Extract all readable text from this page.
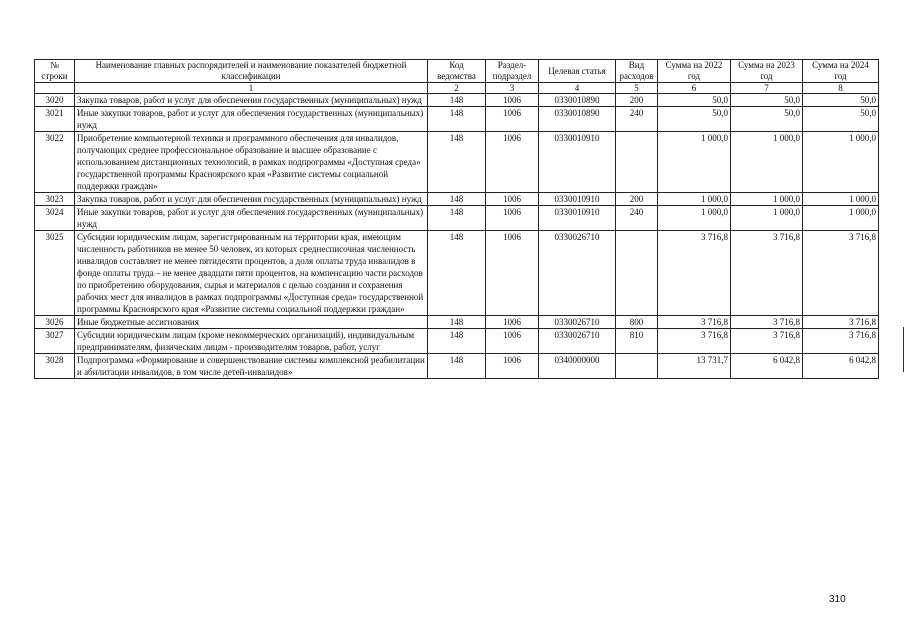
№ строки	Наименование главных распорядителей и наименование показателей бюджетной классификации	Код ведомства	Раздел-подраздел	Целевая статья	Вид расходов	Сумма на 2022 год	Сумма на 2023 год	Сумма на 2024 год
	1	2	3	4	5	6	7	8
3020	Закупка товаров, работ и услуг для обеспечения государственных (муниципальных) нужд	148	1006	0330010890	200	50,0	50,0	50,0
3021	Иные закупки товаров, работ и услуг для обеспечения государственных (муниципальных) нужд	148	1006	0330010890	240	50,0	50,0	50,0
3022	Приобретение компьютерной техники и программного обеспечения для инвалидов, получающих среднее профессиональное образование и высшее образование с использованием дистанционных технологий, в рамках подпрограммы «Доступная среда» государственной программы Красноярского края «Развитие системы социальной поддержки граждан»	148	1006	0330010910		1 000,0	1 000,0	1 000,0
3023	Закупка товаров, работ и услуг для обеспечения государственных (муниципальных) нужд	148	1006	0330010910	200	1 000,0	1 000,0	1 000,0
3024	Иные закупки товаров, работ и услуг для обеспечения государственных (муниципальных) нужд	148	1006	0330010910	240	1 000,0	1 000,0	1 000,0
3025	Субсидии юридическим лицам, зарегистрированным на территории края, имеющим численность работников не менее 50 человек, из которых среднесписочная численность инвалидов составляет не менее пятидесяти процентов, а доля оплаты труда инвалидов в фонде оплаты труда – не менее двадцати пяти процентов, на компенсацию части расходов по приобретению оборудования, сырья и материалов с целью создания и сохранения рабочих мест для инвалидов в рамках подпрограммы «Доступная среда» государственной программы Красноярского края «Развитие системы социальной поддержки граждан»	148	1006	0330026710		3 716,8	3 716,8	3 716,8
3026	Иные бюджетные ассигнования	148	1006	0330026710	800	3 716,8	3 716,8	3 716,8
3027	Субсидии юридическим лицам (кроме некоммерческих организаций), индивидуальным предпринимателям, физическим лицам - производителям товаров, работ, услуг	148	1006	0330026710	810	3 716,8	3 716,8	3 716,8
3028	Подпрограмма «Формирование и совершенствование системы комплексной реабилитации и абилитации инвалидов, в том числе детей-инвалидов»	148	1006	0340000000		13 731,7	6 042,8	6 042,8
310
